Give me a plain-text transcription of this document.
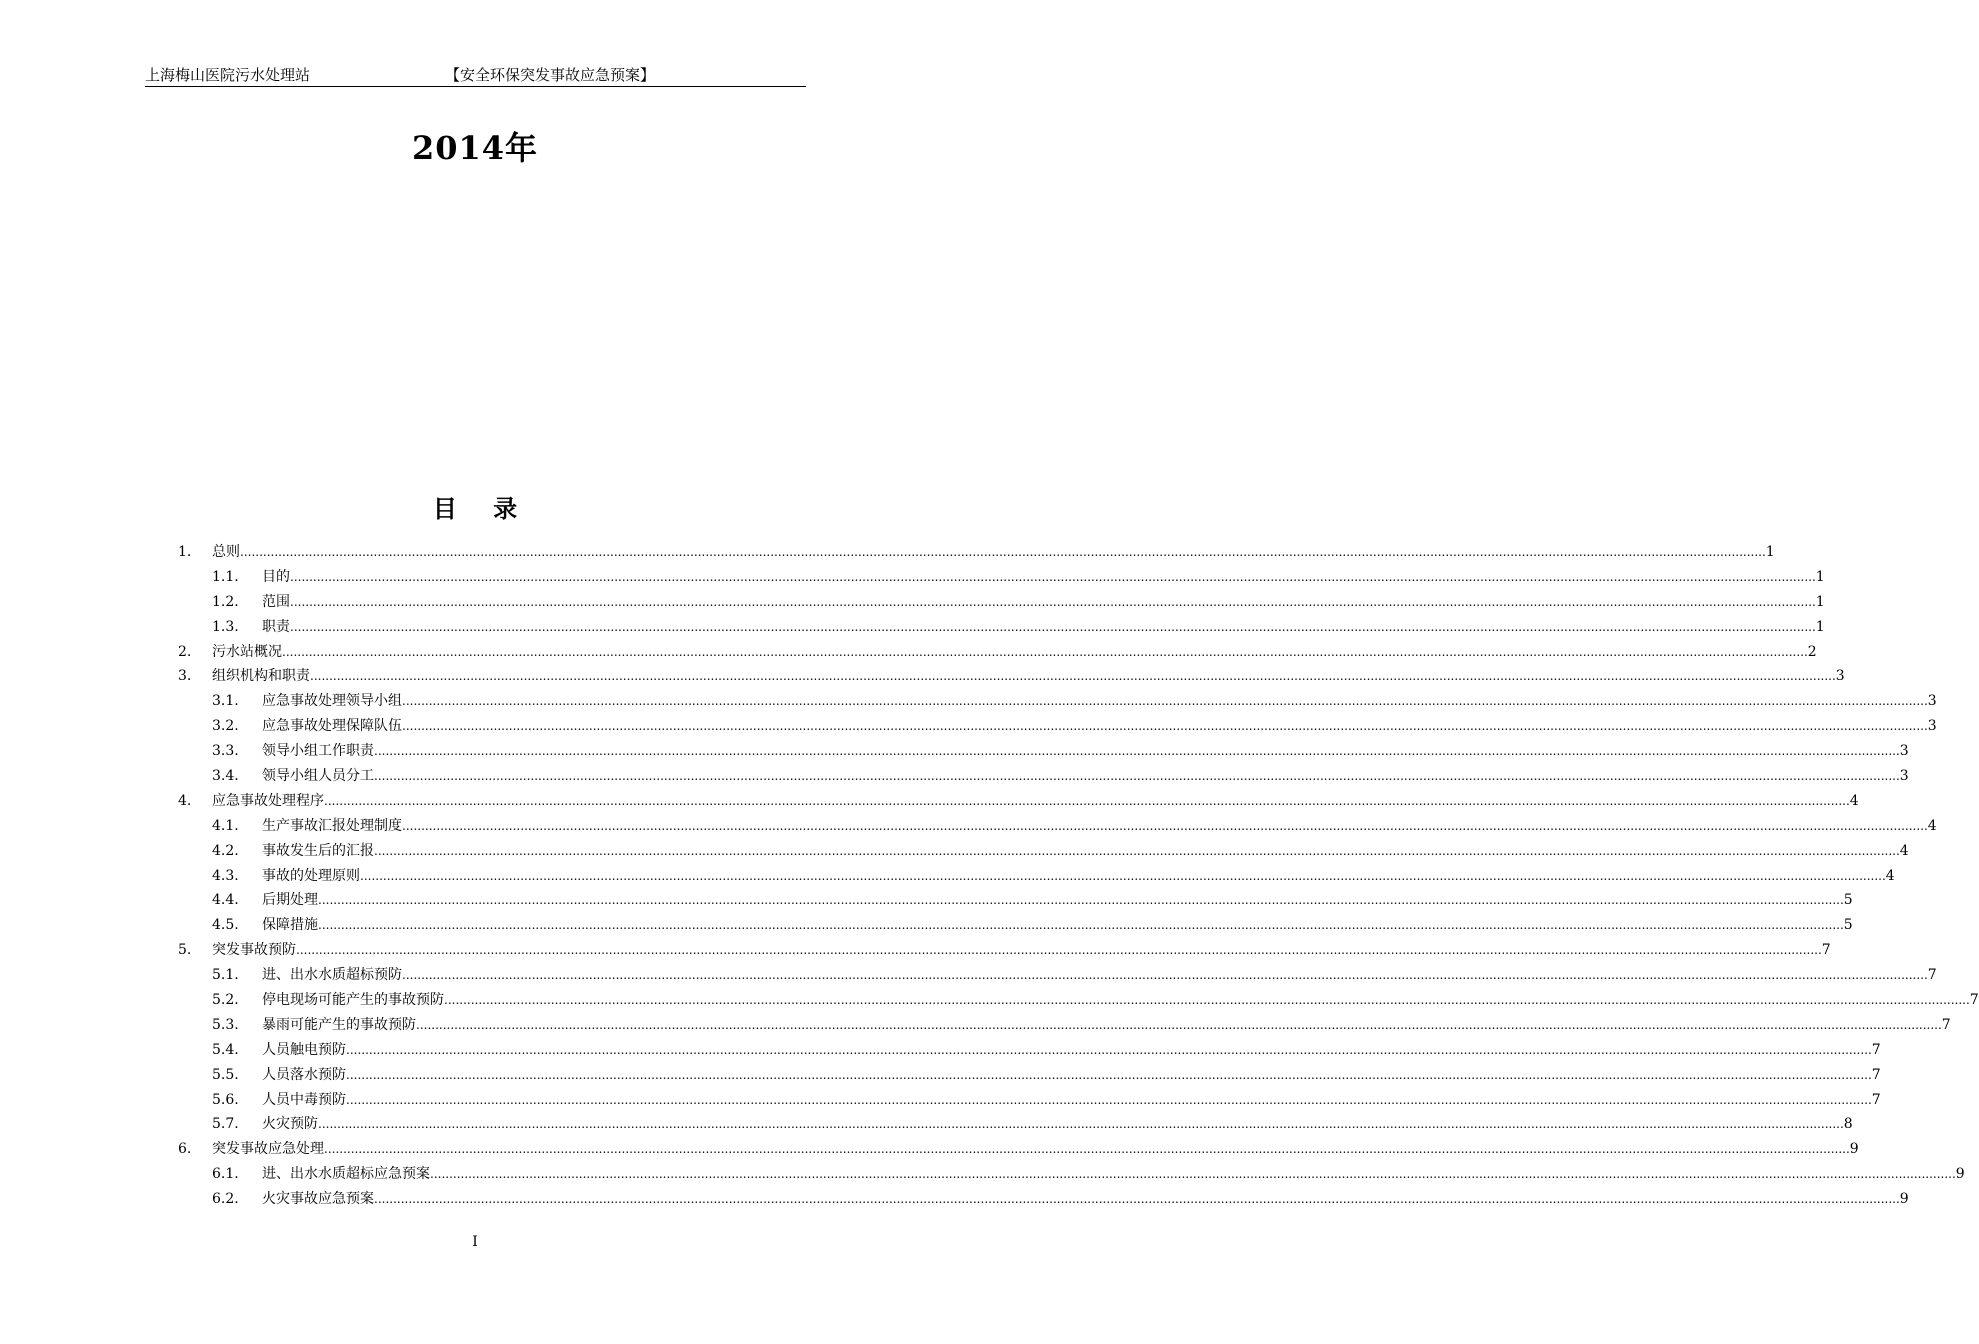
上海梅山医院污水处理站	【安全环保突发事故应急预案】
2014年
目 录
1. 总则 ................................................................................................................................................................................................................................................................................................................................................................................................................ 1
1.1. 目的 ................................................................................................................................................................................................................................................................................................................................................................................................................ 1
1.2. 范围 ................................................................................................................................................................................................................................................................................................................................................................................................................ 1
1.3. 职责 ................................................................................................................................................................................................................................................................................................................................................................................................................ 1
2. 污水站概况 ................................................................................................................................................................................................................................................................................................................................................................................................................ 2
3. 组织机构和职责 ................................................................................................................................................................................................................................................................................................................................................................................................................ 3
3.1. 应急事故处理领导小组 ................................................................................................................................................................................................................................................................................................................................................................................................................ 3
3.2. 应急事故处理保障队伍 ................................................................................................................................................................................................................................................................................................................................................................................................................ 3
3.3. 领导小组工作职责 ................................................................................................................................................................................................................................................................................................................................................................................................................ 3
3.4. 领导小组人员分工 ................................................................................................................................................................................................................................................................................................................................................................................................................ 3
4. 应急事故处理程序 ................................................................................................................................................................................................................................................................................................................................................................................................................ 4
4.1. 生产事故汇报处理制度 ................................................................................................................................................................................................................................................................................................................................................................................................................ 4
4.2. 事故发生后的汇报 ................................................................................................................................................................................................................................................................................................................................................................................................................ 4
4.3. 事故的处理原则 ................................................................................................................................................................................................................................................................................................................................................................................................................ 4
4.4. 后期处理 ................................................................................................................................................................................................................................................................................................................................................................................................................ 5
4.5. 保障措施 ................................................................................................................................................................................................................................................................................................................................................................................................................ 5
5. 突发事故预防 ................................................................................................................................................................................................................................................................................................................................................................................................................ 7
5.1. 进、出水水质超标预防 ................................................................................................................................................................................................................................................................................................................................................................................................................ 7
5.2. 停电现场可能产生的事故预防 ................................................................................................................................................................................................................................................................................................................................................................................................................ 7
5.3. 暴雨可能产生的事故预防 ................................................................................................................................................................................................................................................................................................................................................................................................................ 7
5.4. 人员触电预防 ................................................................................................................................................................................................................................................................................................................................................................................................................ 7
5.5. 人员落水预防 ................................................................................................................................................................................................................................................................................................................................................................................................................ 7
5.6. 人员中毒预防 ................................................................................................................................................................................................................................................................................................................................................................................................................ 7
5.7. 火灾预防 ................................................................................................................................................................................................................................................................................................................................................................................................................ 8
6. 突发事故应急处理 ................................................................................................................................................................................................................................................................................................................................................................................................................ 9
6.1. 进、出水水质超标应急预案 ................................................................................................................................................................................................................................................................................................................................................................................................................ 9
6.2. 火灾事故应急预案 ................................................................................................................................................................................................................................................................................................................................................................................................................ 9
I
